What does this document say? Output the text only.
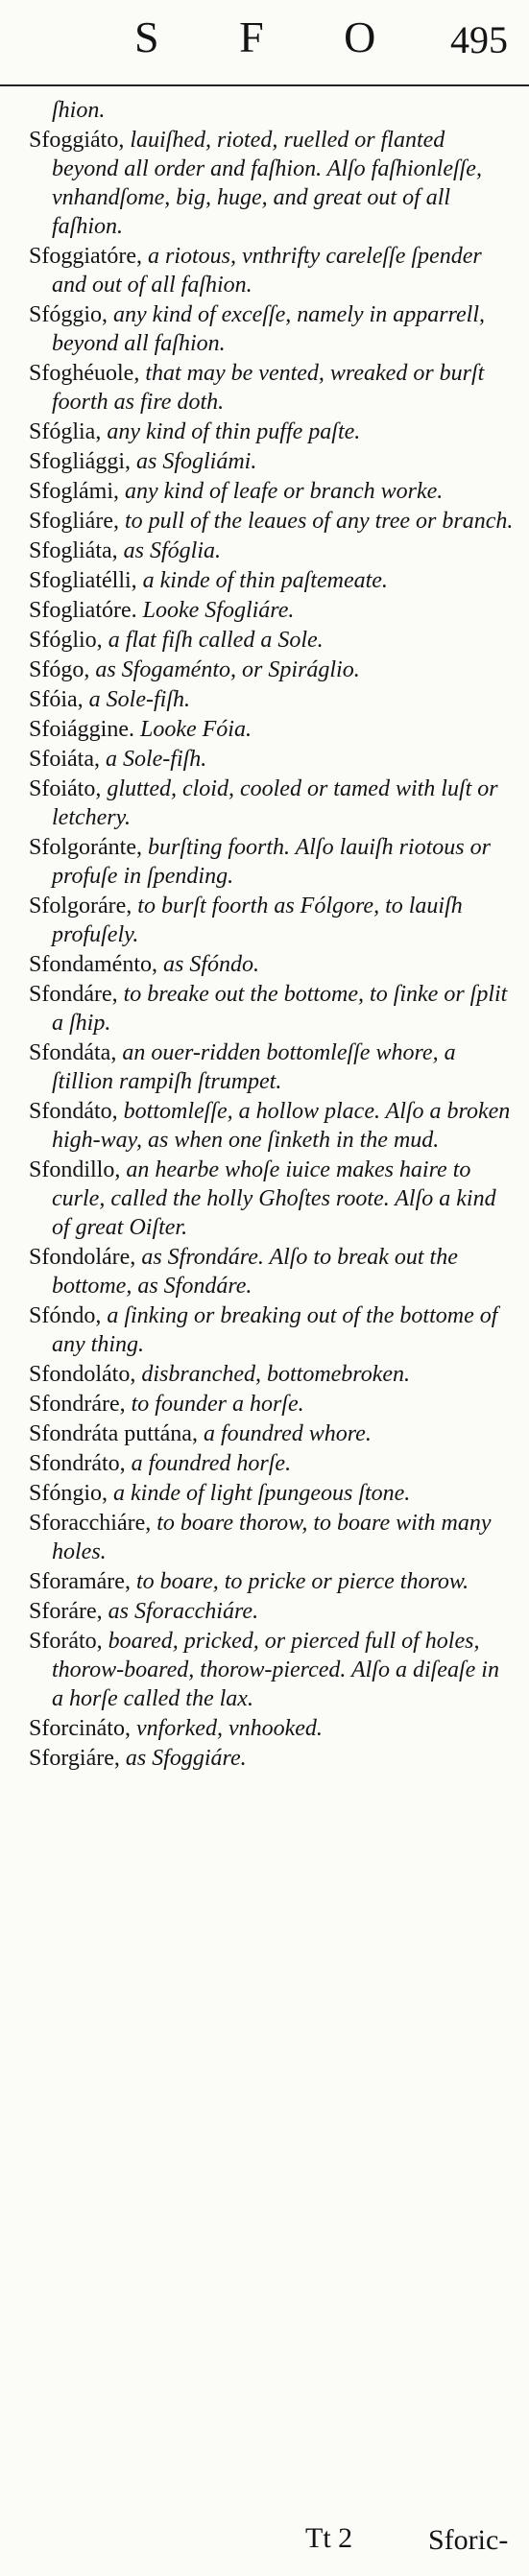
S F O 495

ſhion.

Sfoggiáto, lauiſhed, rioted, ruelled or flanted beyond all order and faſhion. Alſo faſhionleſſe, vnhandſome, big, huge, and great out of all faſhion.

Sfoggiatóre, a riotous, vnthrifty careleſſe ſpender and out of all faſhion.

Sfóggio, any kind of exceſſe, namely in apparrell, beyond all faſhion.

Sfoghéuole, that may be vented, wreaked or burſt foorth as fire doth.

Sfóglia, any kind of thin puffe paſte.

Sfogliággi, as Sfogliámi.

Sfoglámi, any kind of leafe or branch worke.

Sfogliáre, to pull of the leaues of any tree or branch.

Sfogliáta, as Sfóglia.

Sfogliatélli, a kinde of thin paſtemeate.

Sfogliatóre. Looke Sfogliáre.

Sfóglio, a flat fiſh called a Sole.

Sfógo, as Sfogaménto, or Spiráglio.

Sfóia, a Sole-fiſh.

Sfoiággine. Looke Fóia.

Sfoiáta, a Sole-fiſh.

Sfoiáto, glutted, cloid, cooled or tamed with luſt or letchery.

Sfolgoránte, burſting foorth. Alſo lauiſh riotous or profuſe in ſpending.

Sfolgoráre, to burſt foorth as Fólgore, to lauiſh profuſely.

Sfondaménto, as Sfóndo.

Sfondáre, to breake out the bottome, to ſinke or ſplit a ſhip.

Sfondáta, an ouer-ridden bottomleſſe whore, a ſtillion rampiſh ſtrumpet.

Sfondáto, bottomleſſe, a hollow place. Alſo a broken high-way, as when one ſinketh in the mud.

Sfondillo, an hearbe whoſe iuice makes haire to curle, called the holly Ghoſtes roote. Alſo a kind of great Oiſter.

Sfondoláre, as Sfrondáre. Alſo to break out the bottome, as Sfondáre.

Sfóndo, a ſinking or breaking out of the bottome of any thing.

Sfondoláto, disbranched, bottomebroken.

Sfondráre, to founder a horſe.

Sfondráta puttána, a foundred whore.

Sfondráto, a foundred horſe.

Sfóngio, a kinde of light ſpungeous ſtone.

Sforacchiáre, to boare thorow, to boare with many holes.

Sforamáre, to boare, to pricke or pierce thorow.

Sforáre, as Sforacchiáre.

Sforáto, boared, pricked, or pierced full of holes, thorow-boared, thorow-pierced. Alſo a diſeaſe in a horſe called the lax.

Sforcináto, vnforked, vnhooked.

Sforgiáre, as Sfoggiáre.

Tt 2	Sforic-
